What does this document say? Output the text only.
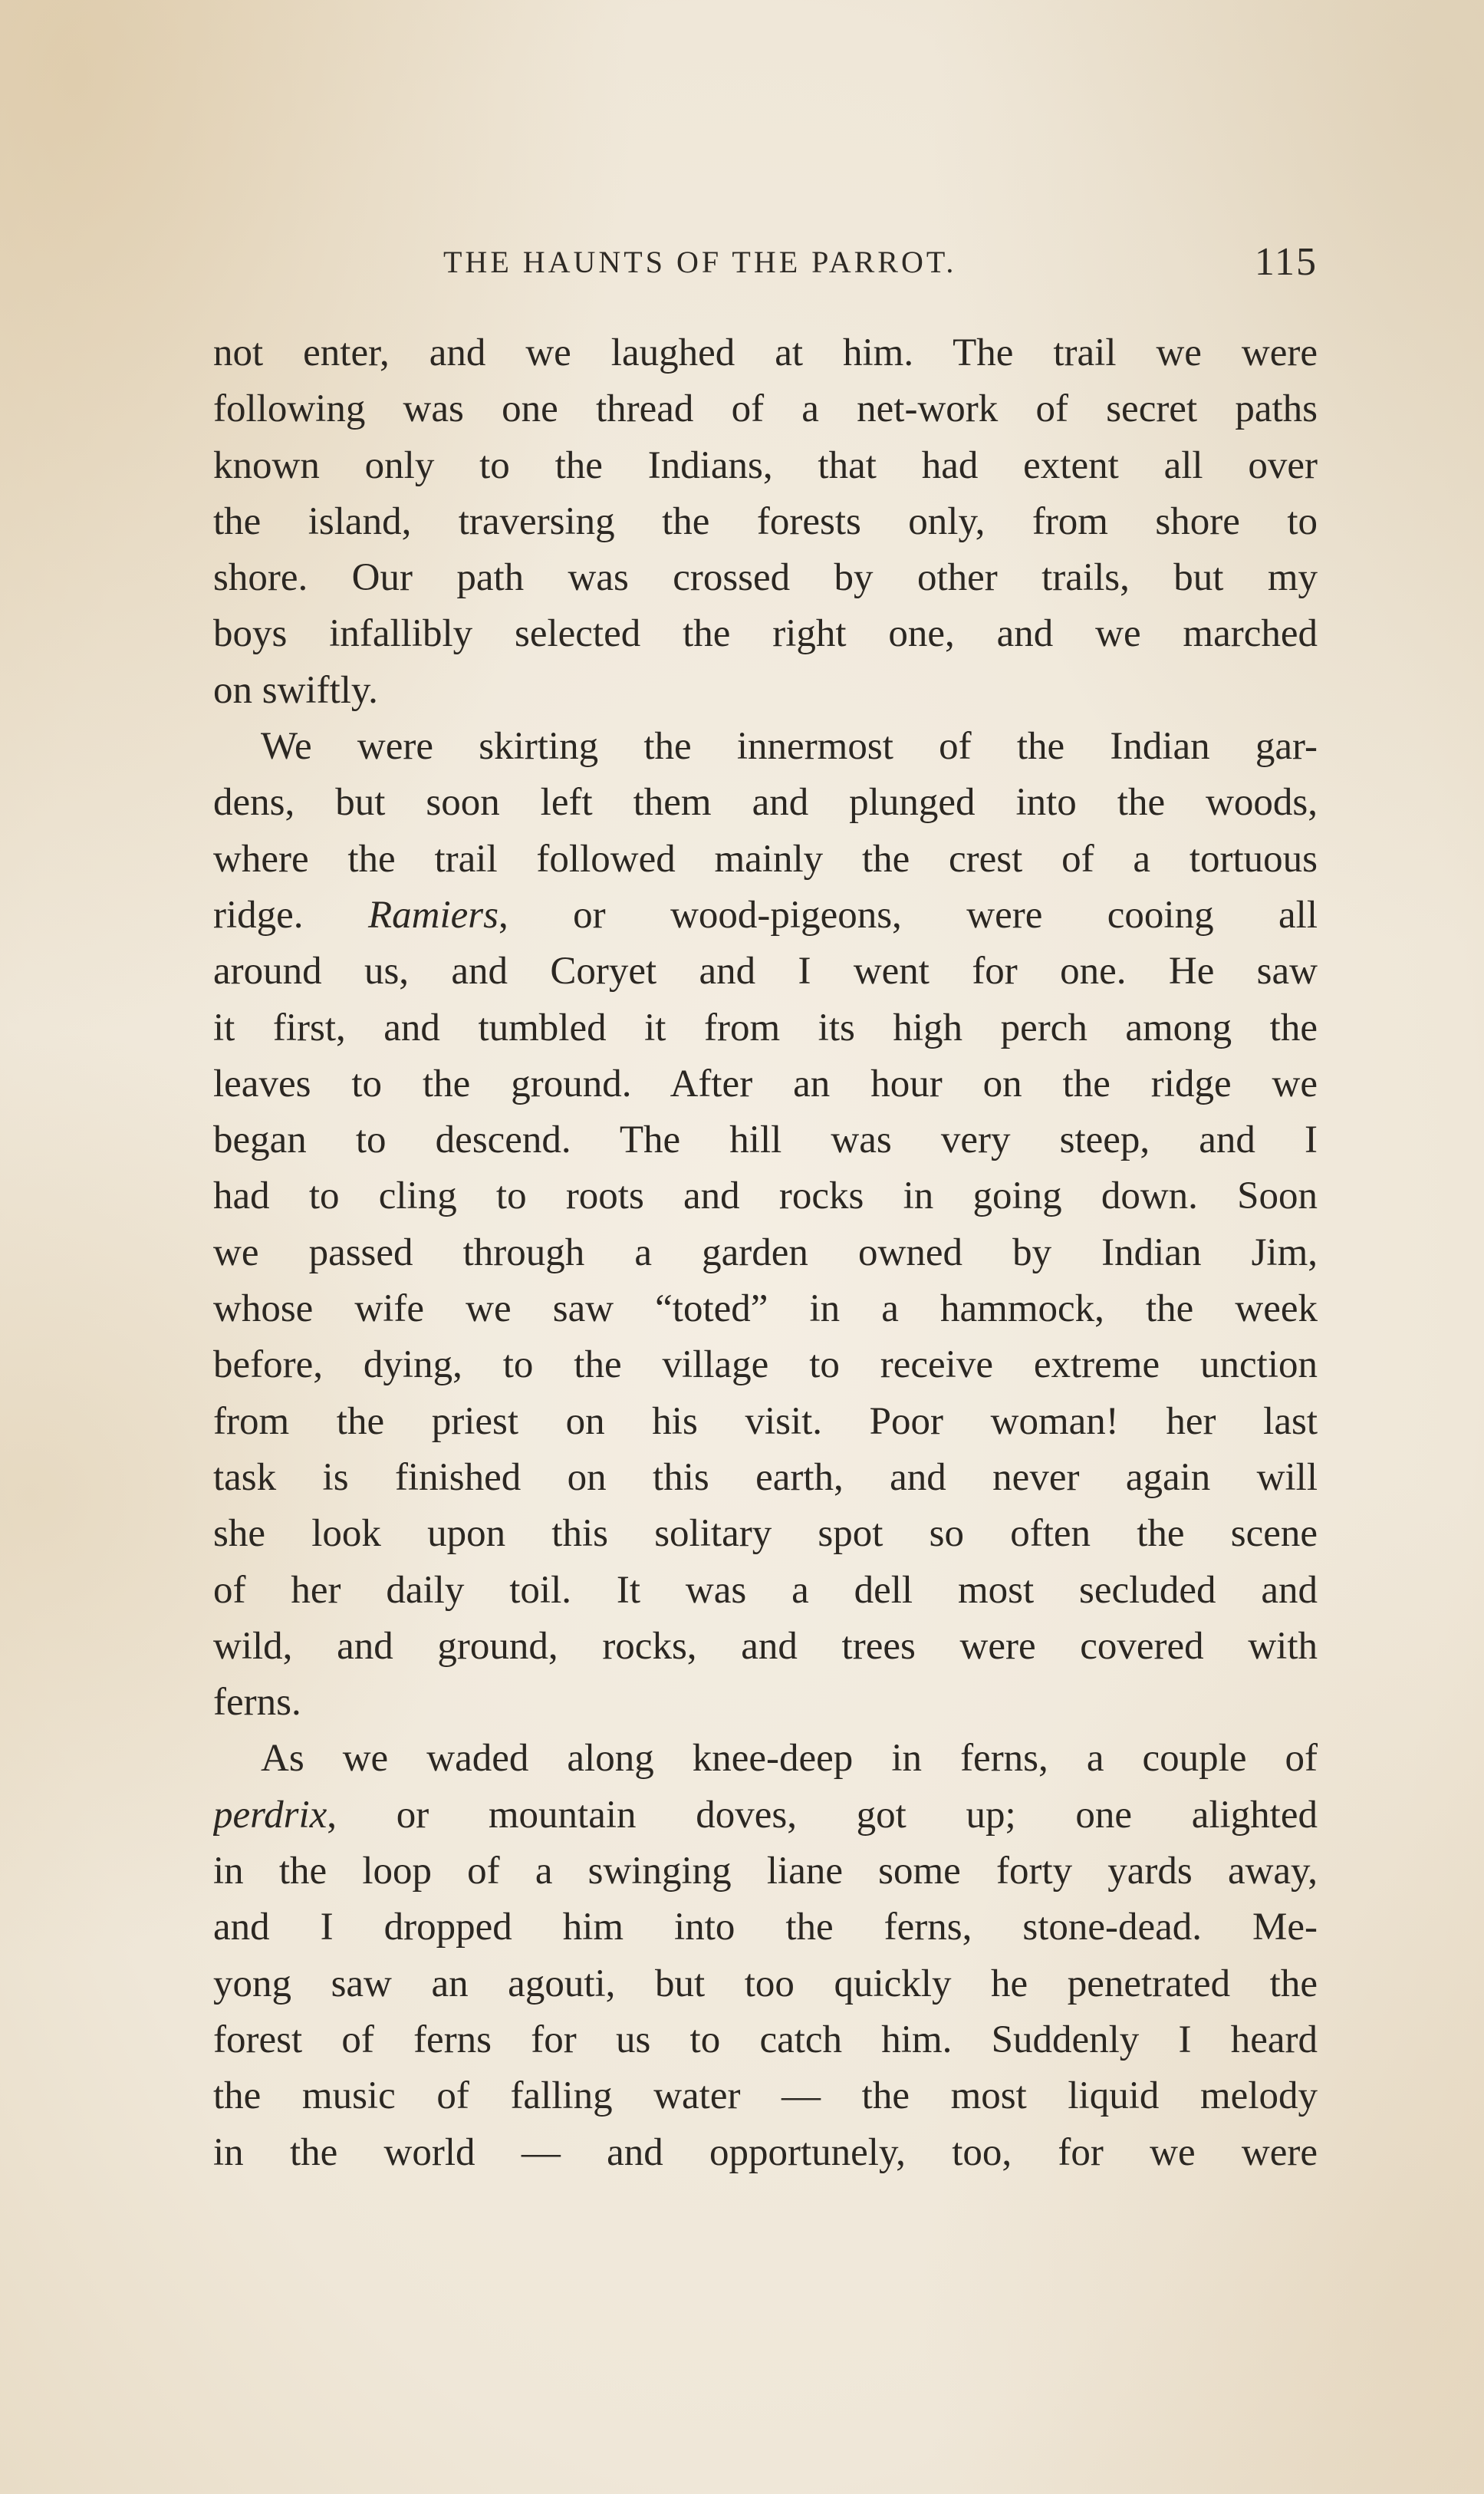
THE HAUNTS OF THE PARROT.	115
not enter, and we laughed at him. The trail we were
following was one thread of a net-work of secret paths
known only to the Indians, that had extent all over
the island, traversing the forests only, from shore to
shore. Our path was crossed by other trails, but my
boys infallibly selected the right one, and we marched
on swiftly.
We were skirting the innermost of the Indian gar-
dens, but soon left them and plunged into the woods,
where the trail followed mainly the crest of a tortuous
ridge. Ramiers, or wood-pigeons, were cooing all
around us, and Coryet and I went for one. He saw
it first, and tumbled it from its high perch among the
leaves to the ground. After an hour on the ridge we
began to descend. The hill was very steep, and I
had to cling to roots and rocks in going down. Soon
we passed through a garden owned by Indian Jim,
whose wife we saw “toted” in a hammock, the week
before, dying, to the village to receive extreme unction
from the priest on his visit. Poor woman! her last
task is finished on this earth, and never again will
she look upon this solitary spot so often the scene
of her daily toil. It was a dell most secluded and
wild, and ground, rocks, and trees were covered with
ferns.
As we waded along knee-deep in ferns, a couple of
perdrix, or mountain doves, got up; one alighted
in the loop of a swinging liane some forty yards away,
and I dropped him into the ferns, stone-dead. Me-
yong saw an agouti, but too quickly he penetrated the
forest of ferns for us to catch him. Suddenly I heard
the music of falling water — the most liquid melody
in the world — and opportunely, too, for we were
